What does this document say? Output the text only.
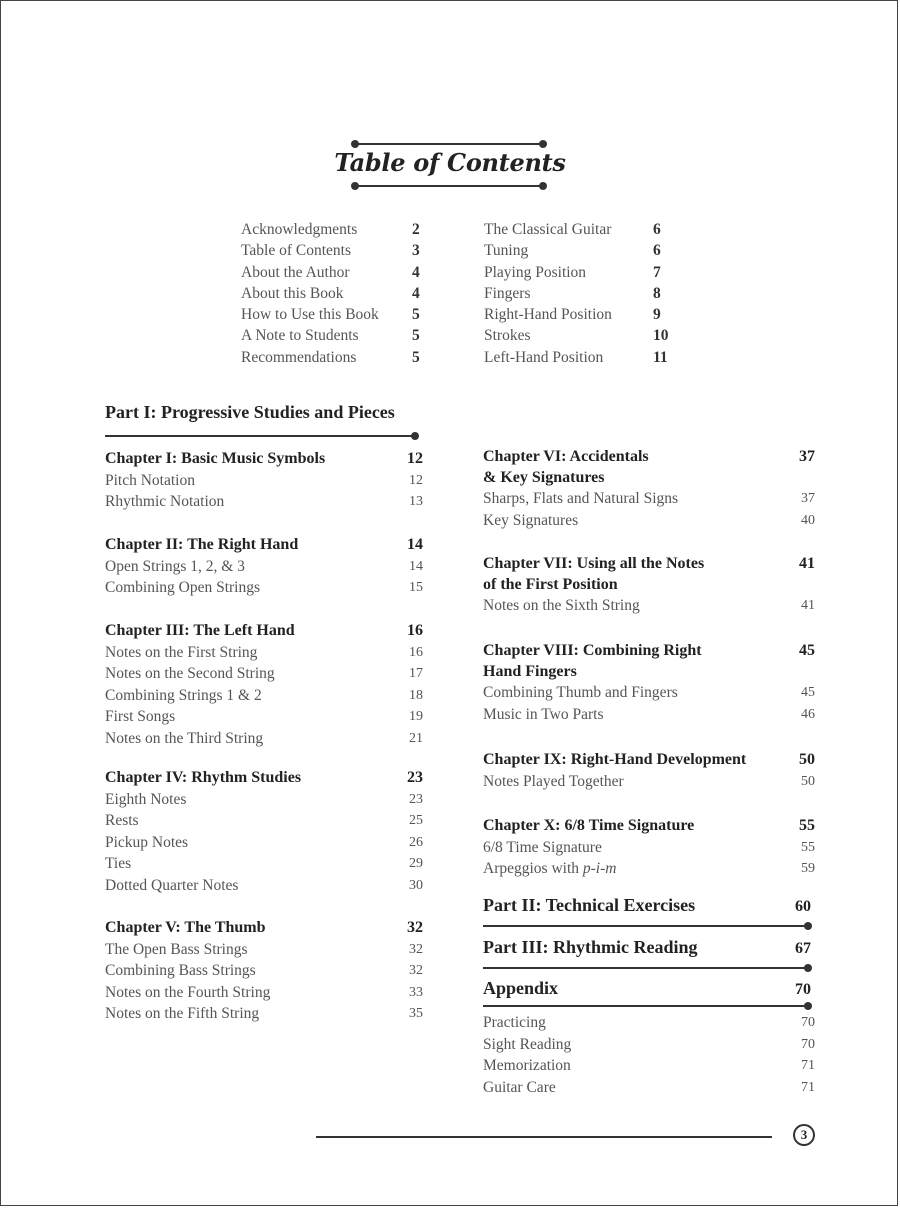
Table of Contents
Acknowledgments	2
Table of Contents	3
About the Author	4
About this Book	4
How to Use this Book 5
A Note to Students	5
Recommendations	5
The Classical Guitar	6
Tuning	6
Playing Position	7
Fingers	8
Right-Hand Position	9
Strokes	10
Left-Hand Position	11
Part I: Progressive Studies and Pieces
Chapter I: Basic Music Symbols	12
Pitch Notation	12
Rhythmic Notation	13
Chapter II: The Right Hand	14
Open Strings 1, 2, & 3	14
Combining Open Strings	15
Chapter III: The Left Hand	16
Notes on the First String	16
Notes on the Second String	17
Combining Strings 1 & 2	18
First Songs	19
Notes on the Third String	21
Chapter IV: Rhythm Studies	23
Eighth Notes	23
Rests	25
Pickup Notes	26
Ties	29
Dotted Quarter Notes	30
Chapter V: The Thumb	32
The Open Bass Strings	32
Combining Bass Strings	32
Notes on the Fourth String	33
Notes on the Fifth String	35
Chapter VI: Accidentals	37
& Key Signatures
Sharps, Flats and Natural Signs	37
Key Signatures	40
Chapter VII: Using all the Notes	41
of the First Position
Notes on the Sixth String	41
Chapter VIII: Combining Right	45
Hand Fingers
Combining Thumb and Fingers	45
Music in Two Parts	46
Chapter IX: Right-Hand Development	50
Notes Played Together	50
Chapter X: 6/8 Time Signature	55
6/8 Time Signature	55
Arpeggios with p-i-m	59
Part II: Technical Exercises	60
Part III: Rhythmic Reading	67
Appendix	70
Practicing	70
Sight Reading	70
Memorization	71
Guitar Care	71
3
